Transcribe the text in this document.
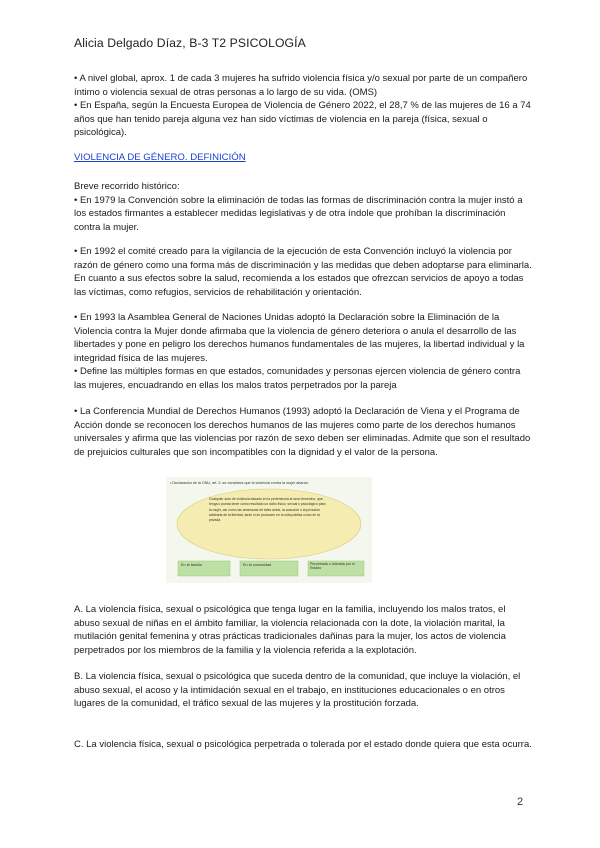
Alicia Delgado Díaz, B-3 T2 PSICOLOGÍA

• A nivel global, aprox. 1 de cada 3 mujeres ha sufrido violencia física y/o sexual por parte de un compañero íntimo o violencia sexual de otras personas a lo largo de su vida. (OMS)

• En España, según la Encuesta Europea de Violencia de Género 2022, el 28,7 % de las mujeres de 16 a 74 años que han tenido pareja alguna vez han sido víctimas de violencia en la pareja (física, sexual o psicológica).

VIOLENCIA DE GÉNERO. DEFINICIÓN

Breve recorrido histórico:

• En 1979 la Convención sobre la eliminación de todas las formas de discriminación contra la mujer instó a los estados firmantes a establecer medidas legislativas y de otra índole que prohíban la discriminación contra la mujer.

• En 1992 el comité creado para la vigilancia de la ejecución de esta Convención incluyó la violencia por razón de género como una forma más de discriminación y las medidas que deben adoptarse para eliminarla. En cuanto a sus efectos sobre la salud, recomienda a los estados que ofrezcan servicios de apoyo a todas las víctimas, como refugios, servicios de rehabilitación y orientación.

• En 1993 la Asamblea General de Naciones Unidas adoptó la Declaración sobre la Eliminación de la Violencia contra la Mujer donde afirmaba que la violencia de género deteriora o anula el desarrollo de las libertades y pone en peligro los derechos humanos fundamentales de las mujeres, la libertad individual y la integridad física de las mujeres.

• Define las múltiples formas en que estados, comunidades y personas ejercen violencia de género contra las mujeres, encuadrando en ellas los malos tratos perpetrados por la pareja

• La Conferencia Mundial de Derechos Humanos (1993) adoptó la Declaración de Viena y el Programa de Acción donde se reconocen los derechos humanos de las mujeres como parte de los derechos humanos universales y afirma que las violencias por razón de sexo deben ser eliminadas. Admite que son el resultado de prejuicios culturales que son incompatibles con la dignidad y el valor de la persona.

• Declaración de la ONU, art. 2: se considera que la violencia contra la mujer abarca:
Cualquier acto de violencia basado en la pertenencia al sexo femenino, que tenga o pueda tener como resultado un daño físico, sexual o psicológico para la mujer, así como las amenazas de tales actos, la coacción o la privación arbitraria de la libertad, tanto si se producen en la vida pública como en la privada.
En la familia	En la comunidad	Perpetrada o tolerada por el Estado

A. La violencia física, sexual o psicológica que tenga lugar en la familia, incluyendo los malos tratos, el abuso sexual de niñas en el ámbito familiar, la violencia relacionada con la dote, la violación marital, la mutilación genital femenina y otras prácticas tradicionales dañinas para la mujer, los actos de violencia perpetrados por los miembros de la familia y la violencia referida a la explotación.

B. La violencia física, sexual o psicológica que suceda dentro de la comunidad, que incluye la violación, el abuso sexual, el acoso y la intimidación sexual en el trabajo, en instituciones educacionales o en otros lugares de la comunidad, el tráfico sexual de las mujeres y la prostitución forzada.

C. La violencia física, sexual o psicológica perpetrada o tolerada por el estado donde quiera que esta ocurra.

2
